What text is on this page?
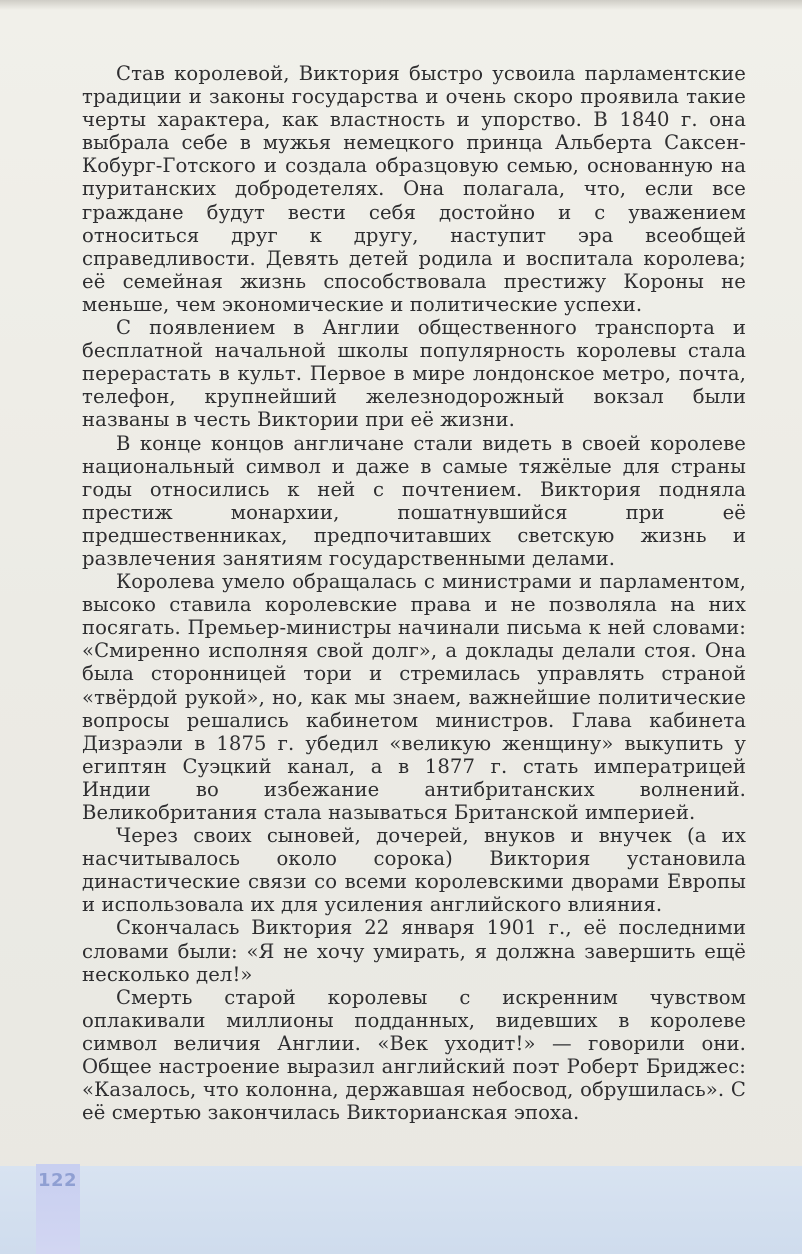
Став королевой, Виктория быстро усвоила парламентские традиции и законы государства и очень скоро проявила такие черты характера, как властность и упорство. В 1840 г. она выбрала себе в мужья немецкого принца Альберта Саксен-Кобург-Готского и создала образцовую семью, основанную на пуританских добродетелях. Она полагала, что, если все граждане будут вести себя достойно и с уважением относиться друг к другу, наступит эра всеобщей справедливости. Девять детей родила и воспитала королева; её семейная жизнь способствовала престижу Короны не меньше, чем экономические и политические успехи.

С появлением в Англии общественного транспорта и бесплатной начальной школы популярность королевы стала перерастать в культ. Первое в мире лондонское метро, почта, телефон, крупнейший железнодорожный вокзал были названы в честь Виктории при её жизни.

В конце концов англичане стали видеть в своей королеве национальный символ и даже в самые тяжёлые для страны годы относились к ней с почтением. Виктория подняла престиж монархии, пошатнувшийся при её предшественниках, предпочитавших светскую жизнь и развлечения занятиям государственными делами.

Королева умело обращалась с министрами и парламентом, высоко ставила королевские права и не позволяла на них посягать. Премьер-министры начинали письма к ней словами: «Смиренно исполняя свой долг», а доклады делали стоя. Она была сторонницей тори и стремилась управлять страной «твёрдой рукой», но, как мы знаем, важнейшие политические вопросы решались кабинетом министров. Глава кабинета Дизраэли в 1875 г. убедил «великую женщину» выкупить у египтян Суэцкий канал, а в 1877 г. стать императрицей Индии во избежание антибританских волнений. Великобритания стала называться Британской империей.

Через своих сыновей, дочерей, внуков и внучек (а их насчитывалось около сорока) Виктория установила династические связи со всеми королевскими дворами Европы и использовала их для усиления английского влияния.

Скончалась Виктория 22 января 1901 г., её последними словами были: «Я не хочу умирать, я должна завершить ещё несколько дел!»

Смерть старой королевы с искренним чувством оплакивали миллионы подданных, видевших в королеве символ величия Англии. «Век уходит!» — говорили они. Общее настроение выразил английский поэт Роберт Бриджес: «Казалось, что колонна, державшая небосвод, обрушилась». С её смертью закончилась Викторианская эпоха.

122
